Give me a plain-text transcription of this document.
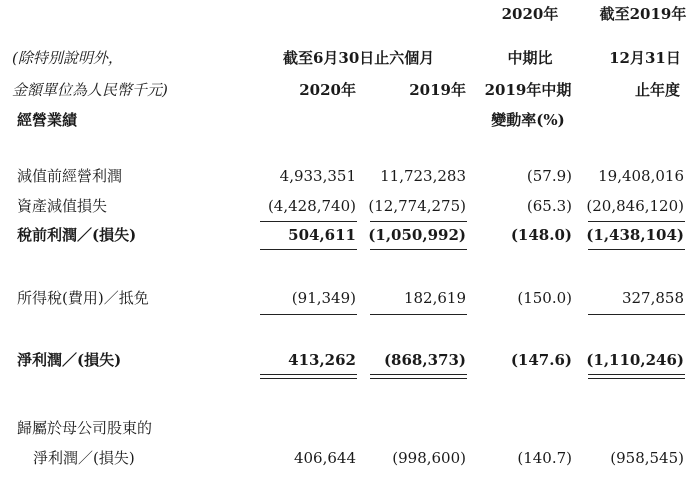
2020年	截至2019年
(除特別說明外，	截至6月30日止六個月	中期比	12月31日
金額單位為人民幣千元)	2020年	2019年	2019年中期	止年度
經營業績	變動率(%)
減值前經營利潤	4,933,351	11,723,283	(57.9)	19,408,016
資產減值損失	(4,428,740) (12,774,275)	(65.3) (20,846,120)
稅前利潤／(損失)	504,611 (1,050,992)	(148.0) (1,438,104)
所得稅(費用)／抵免	(91,349)	182,619	(150.0)	327,858
淨利潤／(損失)	413,262	(868,373)	(147.6) (1,110,246)
歸屬於母公司股東的
淨利潤／(損失)	406,644	(998,600)	(140.7)	(958,545)
